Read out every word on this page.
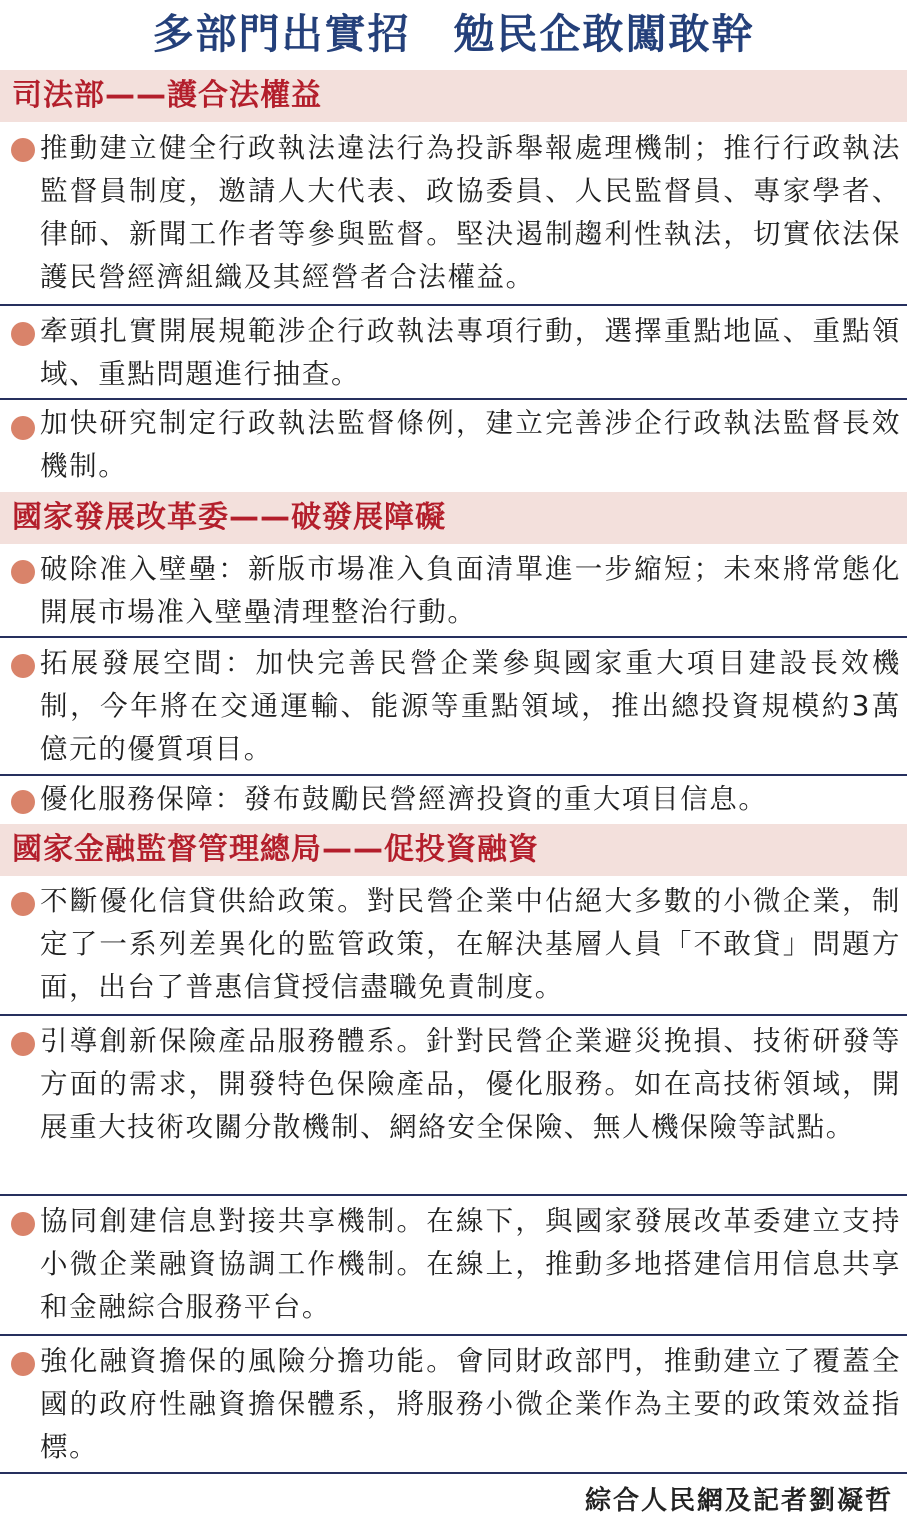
多部門出實招　勉民企敢闖敢幹
司法部——護合法權益
推動建立健全行政執法違法行為投訴舉報處理機制；推行行政執法監督員制度，邀請人大代表、政協委員、人民監督員、專家學者、律師、新聞工作者等參與監督。堅決遏制趨利性執法，切實依法保護民營經濟組織及其經營者合法權益。
牽頭扎實開展規範涉企行政執法專項行動，選擇重點地區、重點領域、重點問題進行抽查。
加快研究制定行政執法監督條例，建立完善涉企行政執法監督長效機制。
國家發展改革委——破發展障礙
破除准入壁壘：新版市場准入負面清單進一步縮短；未來將常態化開展市場准入壁壘清理整治行動。
拓展發展空間：加快完善民營企業參與國家重大項目建設長效機制，今年將在交通運輸、能源等重點領域，推出總投資規模約3萬億元的優質項目。
優化服務保障：發布鼓勵民營經濟投資的重大項目信息。
國家金融監督管理總局——促投資融資
不斷優化信貸供給政策。對民營企業中佔絕大多數的小微企業，制定了一系列差異化的監管政策，在解決基層人員「不敢貸」問題方面，出台了普惠信貸授信盡職免責制度。
引導創新保險產品服務體系。針對民營企業避災挽損、技術研發等方面的需求，開發特色保險產品，優化服務。如在高技術領域，開展重大技術攻關分散機制、網絡安全保險、無人機保險等試點。
協同創建信息對接共享機制。在線下，與國家發展改革委建立支持小微企業融資協調工作機制。在線上，推動多地搭建信用信息共享和金融綜合服務平台。
強化融資擔保的風險分擔功能。會同財政部門，推動建立了覆蓋全國的政府性融資擔保體系，將服務小微企業作為主要的政策效益指標。
綜合人民網及記者劉凝哲
